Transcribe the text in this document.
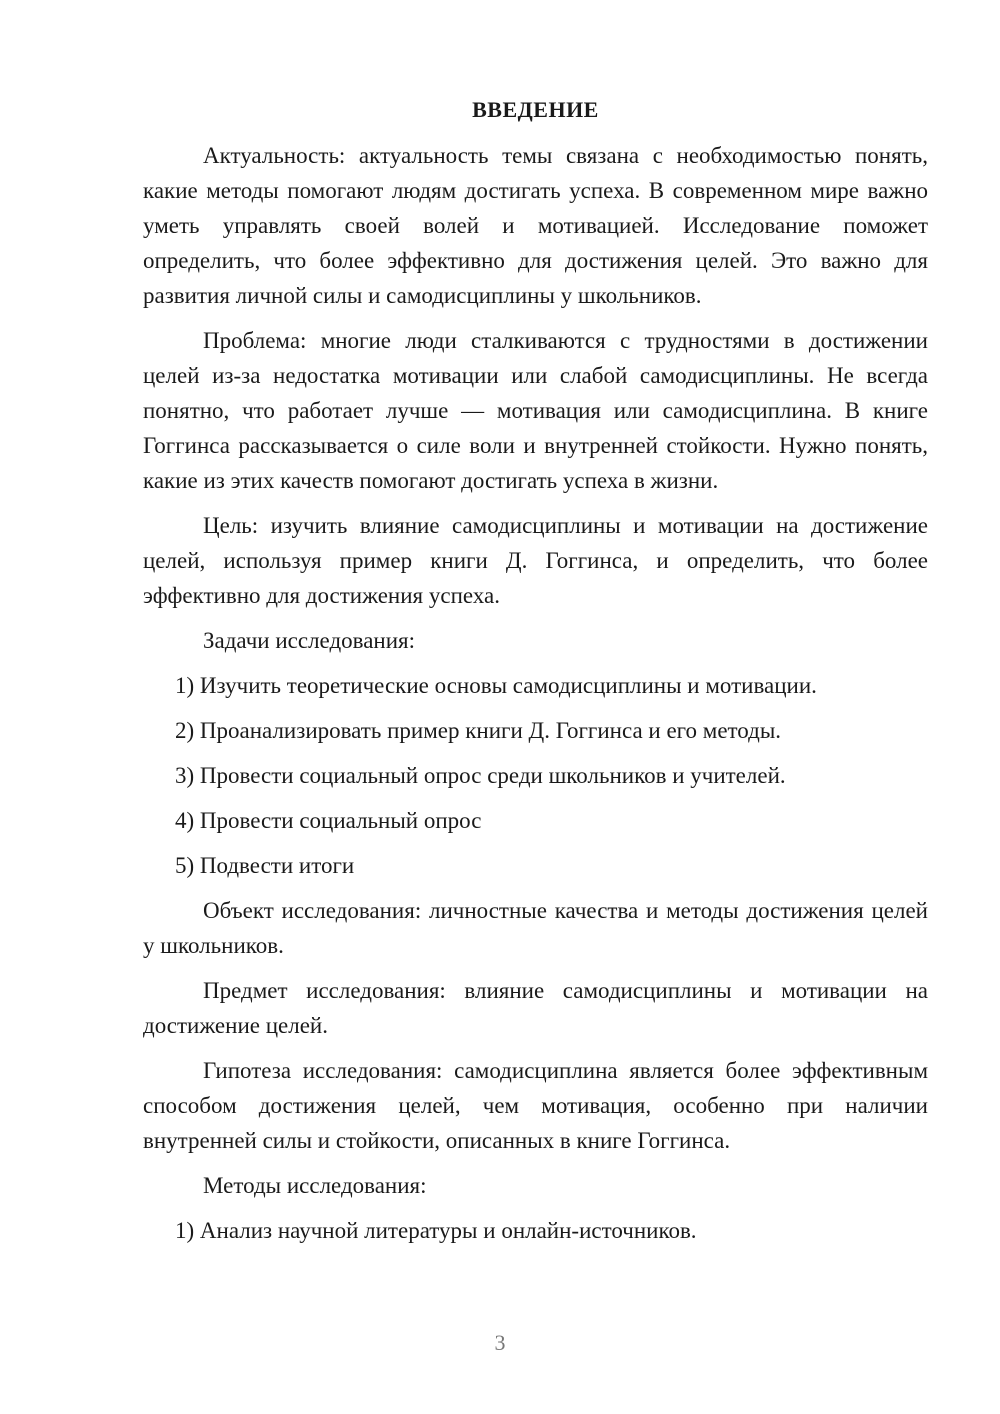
ВВЕДЕНИЕ

Актуальность: актуальность темы связана с необходимостью понять, какие методы помогают людям достигать успеха. В современном мире важно уметь управлять своей волей и мотивацией. Исследование поможет определить, что более эффективно для достижения целей. Это важно для развития личной силы и самодисциплины у школьников.

Проблема: многие люди сталкиваются с трудностями в достижении целей из-за недостатка мотивации или слабой самодисциплины. Не всегда понятно, что работает лучше — мотивация или самодисциплина. В книге Гоггинса рассказывается о силе воли и внутренней стойкости. Нужно понять, какие из этих качеств помогают достигать успеха в жизни.

Цель: изучить влияние самодисциплины и мотивации на достижение целей, используя пример книги Д. Гоггинса, и определить, что более эффективно для достижения успеха.

Задачи исследования:

1) Изучить теоретические основы самодисциплины и мотивации.
2) Проанализировать пример книги Д. Гоггинса и его методы.
3) Провести социальный опрос среди школьников и учителей.
4) Провести социальный опрос
5) Подвести итоги

Объект исследования: личностные качества и методы достижения целей у школьников.

Предмет исследования: влияние самодисциплины и мотивации на достижение целей.

Гипотеза исследования: самодисциплина является более эффективным способом достижения целей, чем мотивация, особенно при наличии внутренней силы и стойкости, описанных в книге Гоггинса.

Методы исследования:

1) Анализ научной литературы и онлайн-источников.
3
